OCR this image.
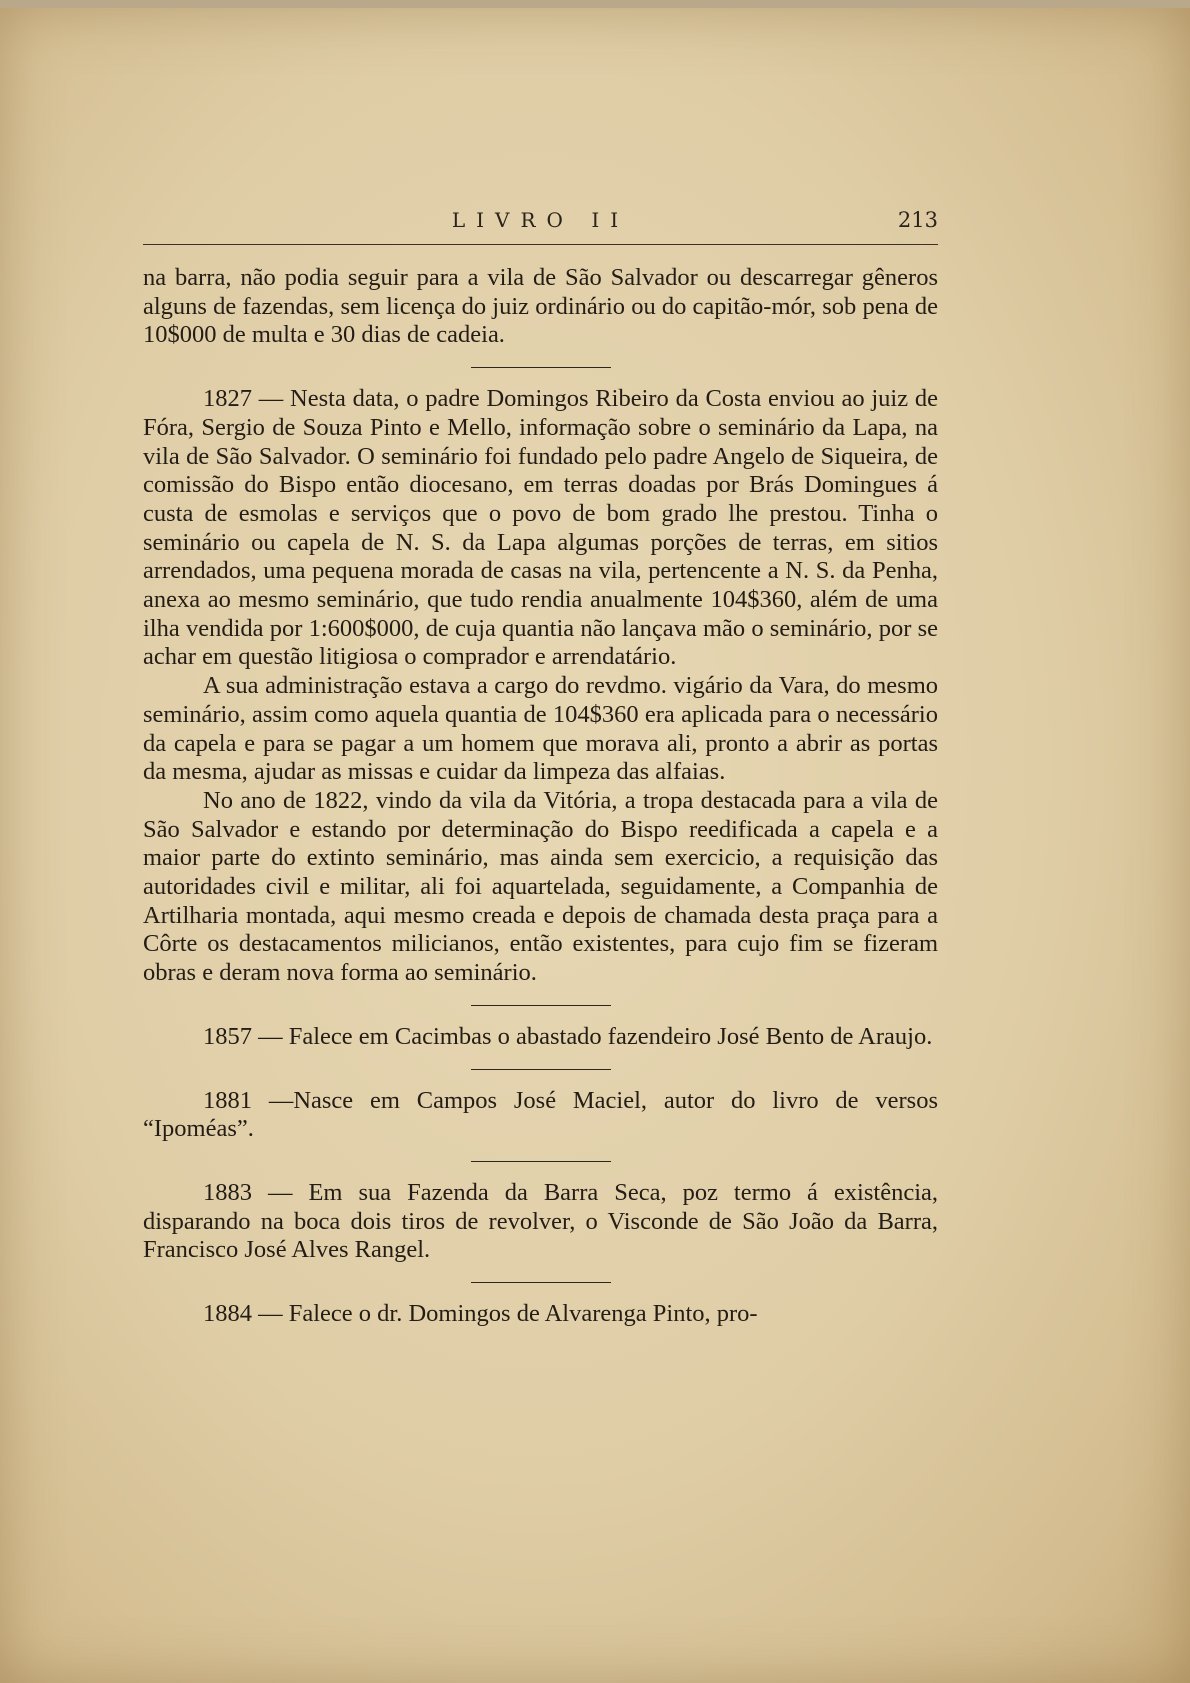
LIVRO II	213

na barra, não podia seguir para a vila de São Salvador ou descarregar gêneros alguns de fazendas, sem licença do juiz ordinário ou do capitão-mór, sob pena de 10$000 de multa e 30 dias de cadeia.

1827 — Nesta data, o padre Domingos Ribeiro da Costa enviou ao juiz de Fóra, Sergio de Souza Pinto e Mello, informação sobre o seminário da Lapa, na vila de São Salvador. O seminário foi fundado pelo padre Angelo de Siqueira, de comissão do Bispo então diocesano, em terras doadas por Brás Domingues á custa de esmolas e serviços que o povo de bom grado lhe prestou. Tinha o seminário ou capela de N. S. da Lapa algumas porções de terras, em sitios arrendados, uma pequena morada de casas na vila, pertencente a N. S. da Penha, anexa ao mesmo seminário, que tudo rendia anualmente 104$360, além de uma ilha vendida por 1:600$000, de cuja quantia não lançava mão o seminário, por se achar em questão litigiosa o comprador e arrendatário.

A sua administração estava a cargo do revdmo. vigário da Vara, do mesmo seminário, assim como aquela quantia de 104$360 era aplicada para o necessário da capela e para se pagar a um homem que morava ali, pronto a abrir as portas da mesma, ajudar as missas e cuidar da limpeza das alfaias.

No ano de 1822, vindo da vila da Vitória, a tropa destacada para a vila de São Salvador e estando por determinação do Bispo reedificada a capela e a maior parte do extinto seminário, mas ainda sem exercicio, a requisição das autoridades civil e militar, ali foi aquartelada, seguidamente, a Companhia de Artilharia montada, aqui mesmo creada e depois de chamada desta praça para a Côrte os destacamentos milicianos, então existentes, para cujo fim se fizeram obras e deram nova forma ao seminário.

1857 — Falece em Cacimbas o abastado fazendeiro José Bento de Araujo.

1881 —Nasce em Campos José Maciel, autor do livro de versos “Ipoméas”.

1883 — Em sua Fazenda da Barra Seca, poz termo á existência, disparando na boca dois tiros de revolver, o Visconde de São João da Barra, Francisco José Alves Rangel.

1884 — Falece o dr. Domingos de Alvarenga Pinto, pro-
